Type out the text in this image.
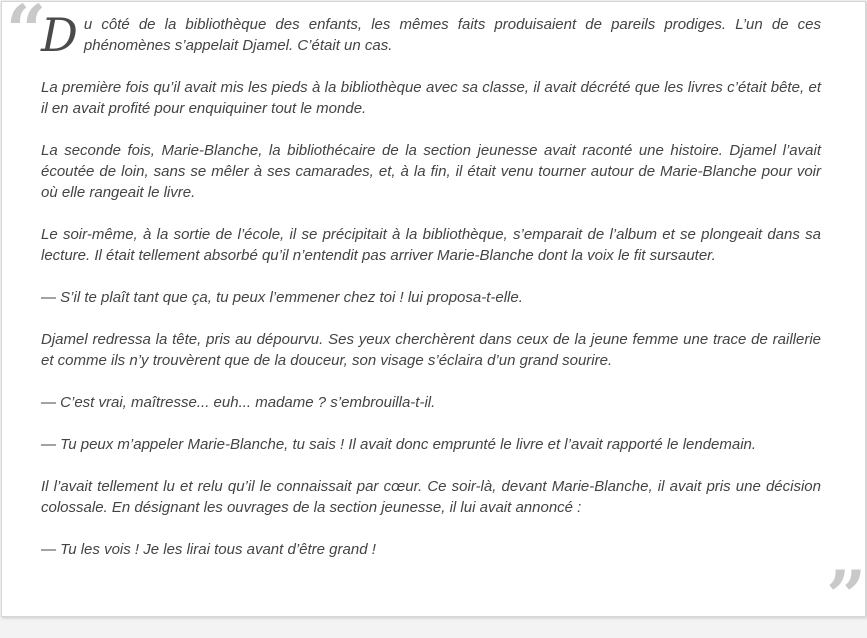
“

Du côté de la bibliothèque des enfants, les mêmes faits produisaient de pareils prodiges. L’un de ces phénomènes s’appelait Djamel. C’était un cas.

La première fois qu’il avait mis les pieds à la bibliothèque avec sa classe, il avait décrété que les livres c’était bête, et il en avait profité pour enquiquiner tout le monde.

La seconde fois, Marie-Blanche, la bibliothécaire de la section jeunesse avait raconté une histoire. Djamel l’avait écoutée de loin, sans se mêler à ses camarades, et, à la fin, il était venu tourner autour de Marie-Blanche pour voir où elle rangeait le livre.

Le soir-même, à la sortie de l’école, il se précipitait à la bibliothèque, s’emparait de l’album et se plongeait dans sa lecture. Il était tellement absorbé qu’il n’entendit pas arriver Marie-Blanche dont la voix le fit sursauter.

— S’il te plaît tant que ça, tu peux l’emmener chez toi ! lui proposa-t-elle.

Djamel redressa la tête, pris au dépourvu. Ses yeux cherchèrent dans ceux de la jeune femme une trace de raillerie et comme ils n’y trouvèrent que de la douceur, son visage s’éclaira d’un grand sourire.

— C’est vrai, maîtresse... euh... madame ? s’embrouilla-t-il.

— Tu peux m’appeler Marie-Blanche, tu sais ! Il avait donc emprunté le livre et l’avait rapporté le lendemain.

Il l’avait tellement lu et relu qu’il le connaissait par cœur. Ce soir-là, devant Marie-Blanche, il avait pris une décision colossale. En désignant les ouvrages de la section jeunesse, il lui avait annoncé :

— Tu les vois ! Je les lirai tous avant d’être grand !

”
